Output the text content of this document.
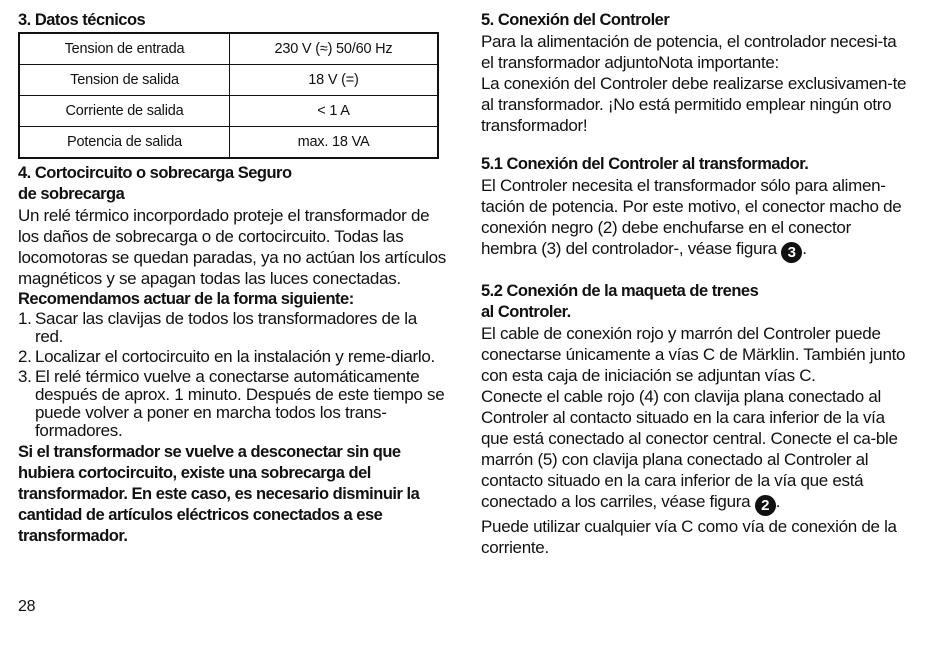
3. Datos técnicos
Tension de entrada	230 V (≈) 50/60 Hz
Tension de salida	18 V (=)
Corriente de salida	< 1 A
Potencia de salida	max. 18 VA
4. Cortocircuito o sobrecarga Seguro
de sobrecarga

Un relé térmico incorpordado proteje el transformador de los daños de sobrecarga o de cortocircuito. Todas las locomotoras se quedan paradas, ya no actúan los artículos magnéticos y se apagan todas las luces conectadas.

Recomendamos actuar de la forma siguiente:

1. Sacar las clavijas de todos los transformadores de la red.
2. Localizar el cortocircuito en la instalación y reme-diarlo.
3. El relé térmico vuelve a conectarse automáticamente después de aprox. 1 minuto. Después de este tiempo se puede volver a poner en marcha todos los trans-formadores.

Si el transformador se vuelve a desconectar sin que hubiera cortocircuito, existe una sobrecarga del transformador. En este caso, es necesario disminuir la cantidad de artículos eléctricos conectados a ese transformador.

5. Conexión del Controler

Para la alimentación de potencia, el controlador necesi-ta el transformador adjuntoNota importante:

La conexión del Controler debe realizarse exclusivamen-te al transformador. ¡No está permitido emplear ningún otro transformador!

5.1 Conexión del Controler al transformador.

El Controler necesita el transformador sólo para alimen-tación de potencia. Por este motivo, el conector macho de conexión negro (2) debe enchufarse en el conector hembra (3) del controlador-, véase figura 3 .

5.2 Conexión de la maqueta de trenes
al Controler.

El cable de conexión rojo y marrón del Controler puede conectarse únicamente a vías C de Märklin. También junto con esta caja de iniciación se adjuntan vías C.

Conecte el cable rojo (4) con clavija plana conectado al Controler al contacto situado en la cara inferior de la vía que está conectado al conector central. Conecte el ca-ble marrón (5) con clavija plana conectado al Controler al contacto situado en la cara inferior de la vía que está conectado a los carriles, véase figura 2 .

Puede utilizar cualquier vía C como vía de conexión de la corriente.

28
